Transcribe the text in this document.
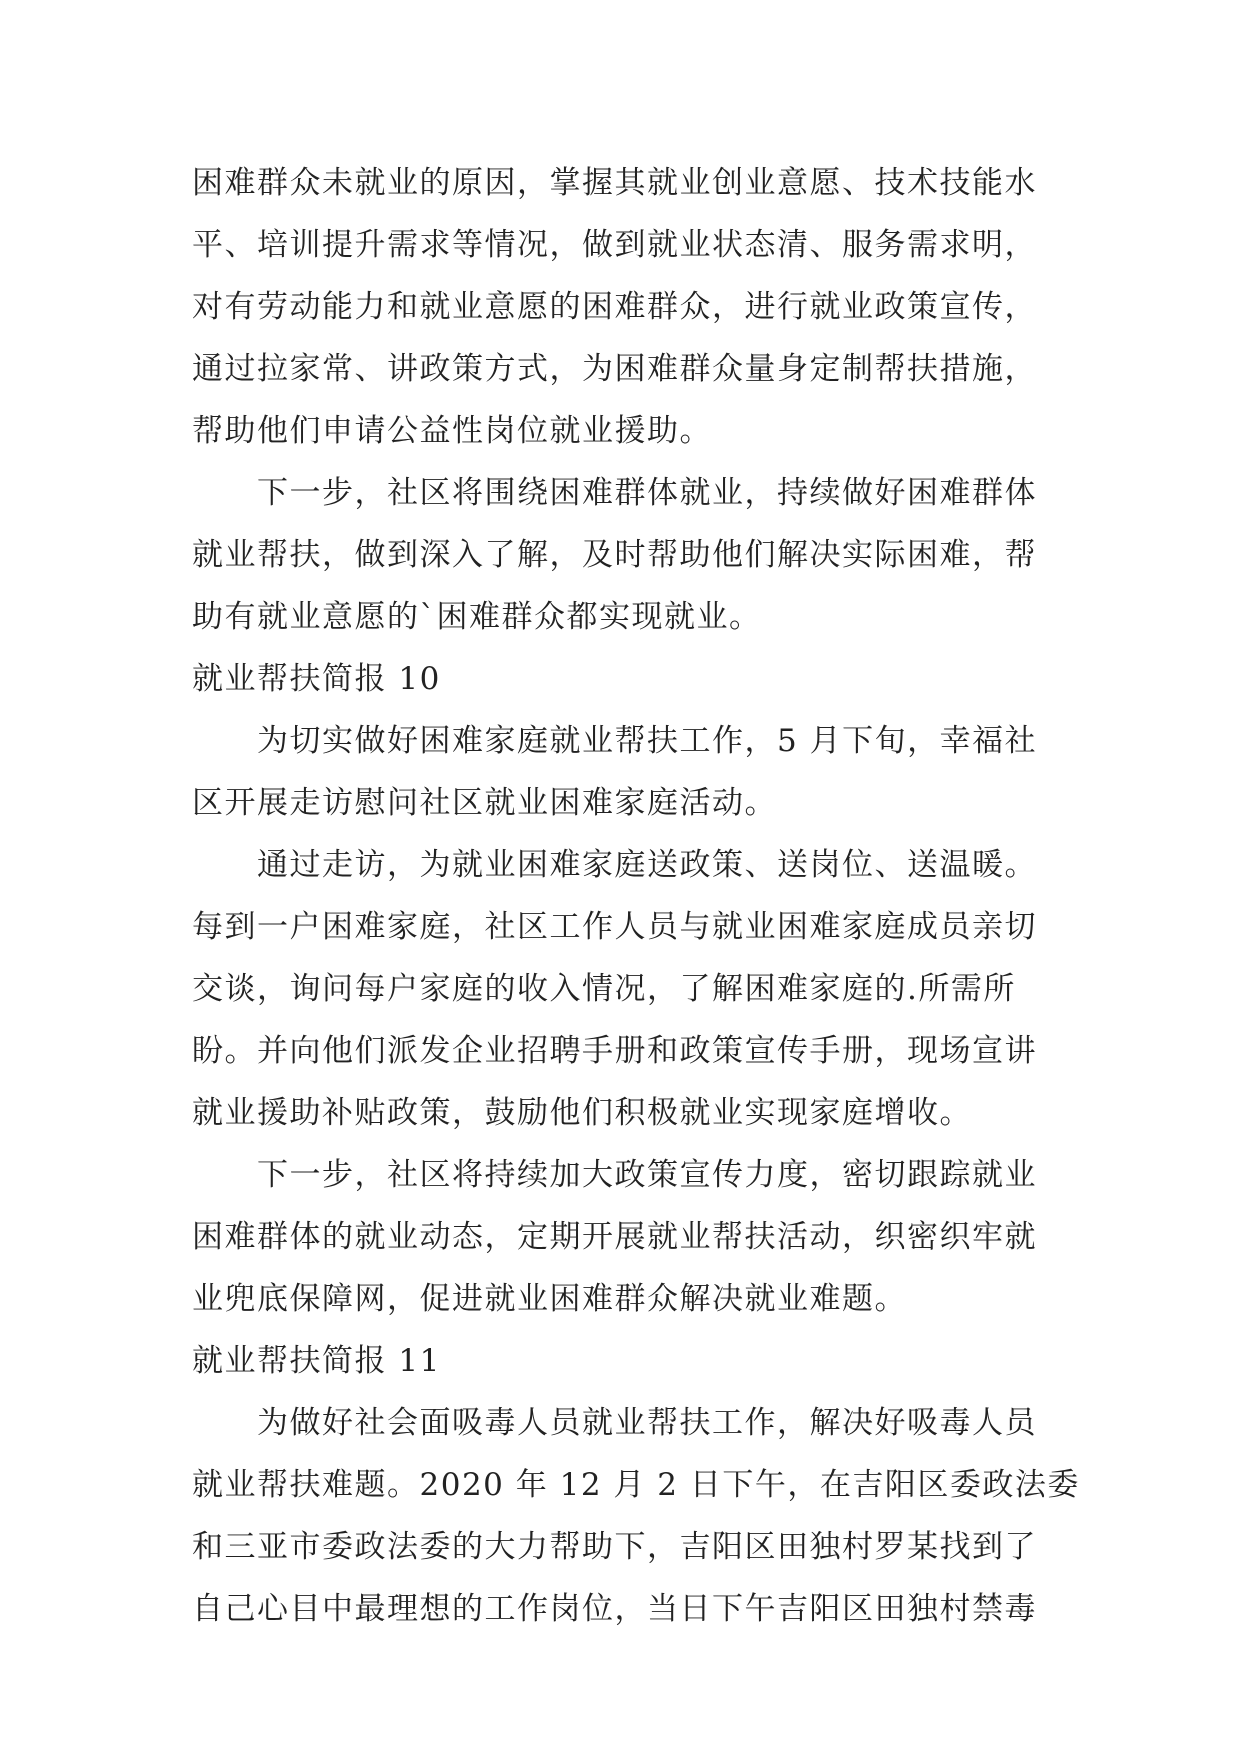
困难群众未就业的原因，掌握其就业创业意愿、技术技能水
平、培训提升需求等情况，做到就业状态清、服务需求明，
对有劳动能力和就业意愿的困难群众，进行就业政策宣传，
通过拉家常、讲政策方式，为困难群众量身定制帮扶措施，
帮助他们申请公益性岗位就业援助。
下一步，社区将围绕困难群体就业，持续做好困难群体
就业帮扶，做到深入了解，及时帮助他们解决实际困难，帮
助有就业意愿的`困难群众都实现就业。
就业帮扶简报 10
为切实做好困难家庭就业帮扶工作，5 月下旬，幸福社
区开展走访慰问社区就业困难家庭活动。
通过走访，为就业困难家庭送政策、送岗位、送温暖。
每到一户困难家庭，社区工作人员与就业困难家庭成员亲切
交谈，询问每户家庭的收入情况，了解困难家庭的.所需所
盼。并向他们派发企业招聘手册和政策宣传手册，现场宣讲
就业援助补贴政策，鼓励他们积极就业实现家庭增收。
下一步，社区将持续加大政策宣传力度，密切跟踪就业
困难群体的就业动态，定期开展就业帮扶活动，织密织牢就
业兜底保障网，促进就业困难群众解决就业难题。
就业帮扶简报 11
为做好社会面吸毒人员就业帮扶工作，解决好吸毒人员
就业帮扶难题。2020 年 12 月 2 日下午，在吉阳区委政法委
和三亚市委政法委的大力帮助下，吉阳区田独村罗某找到了
自己心目中最理想的工作岗位，当日下午吉阳区田独村禁毒
